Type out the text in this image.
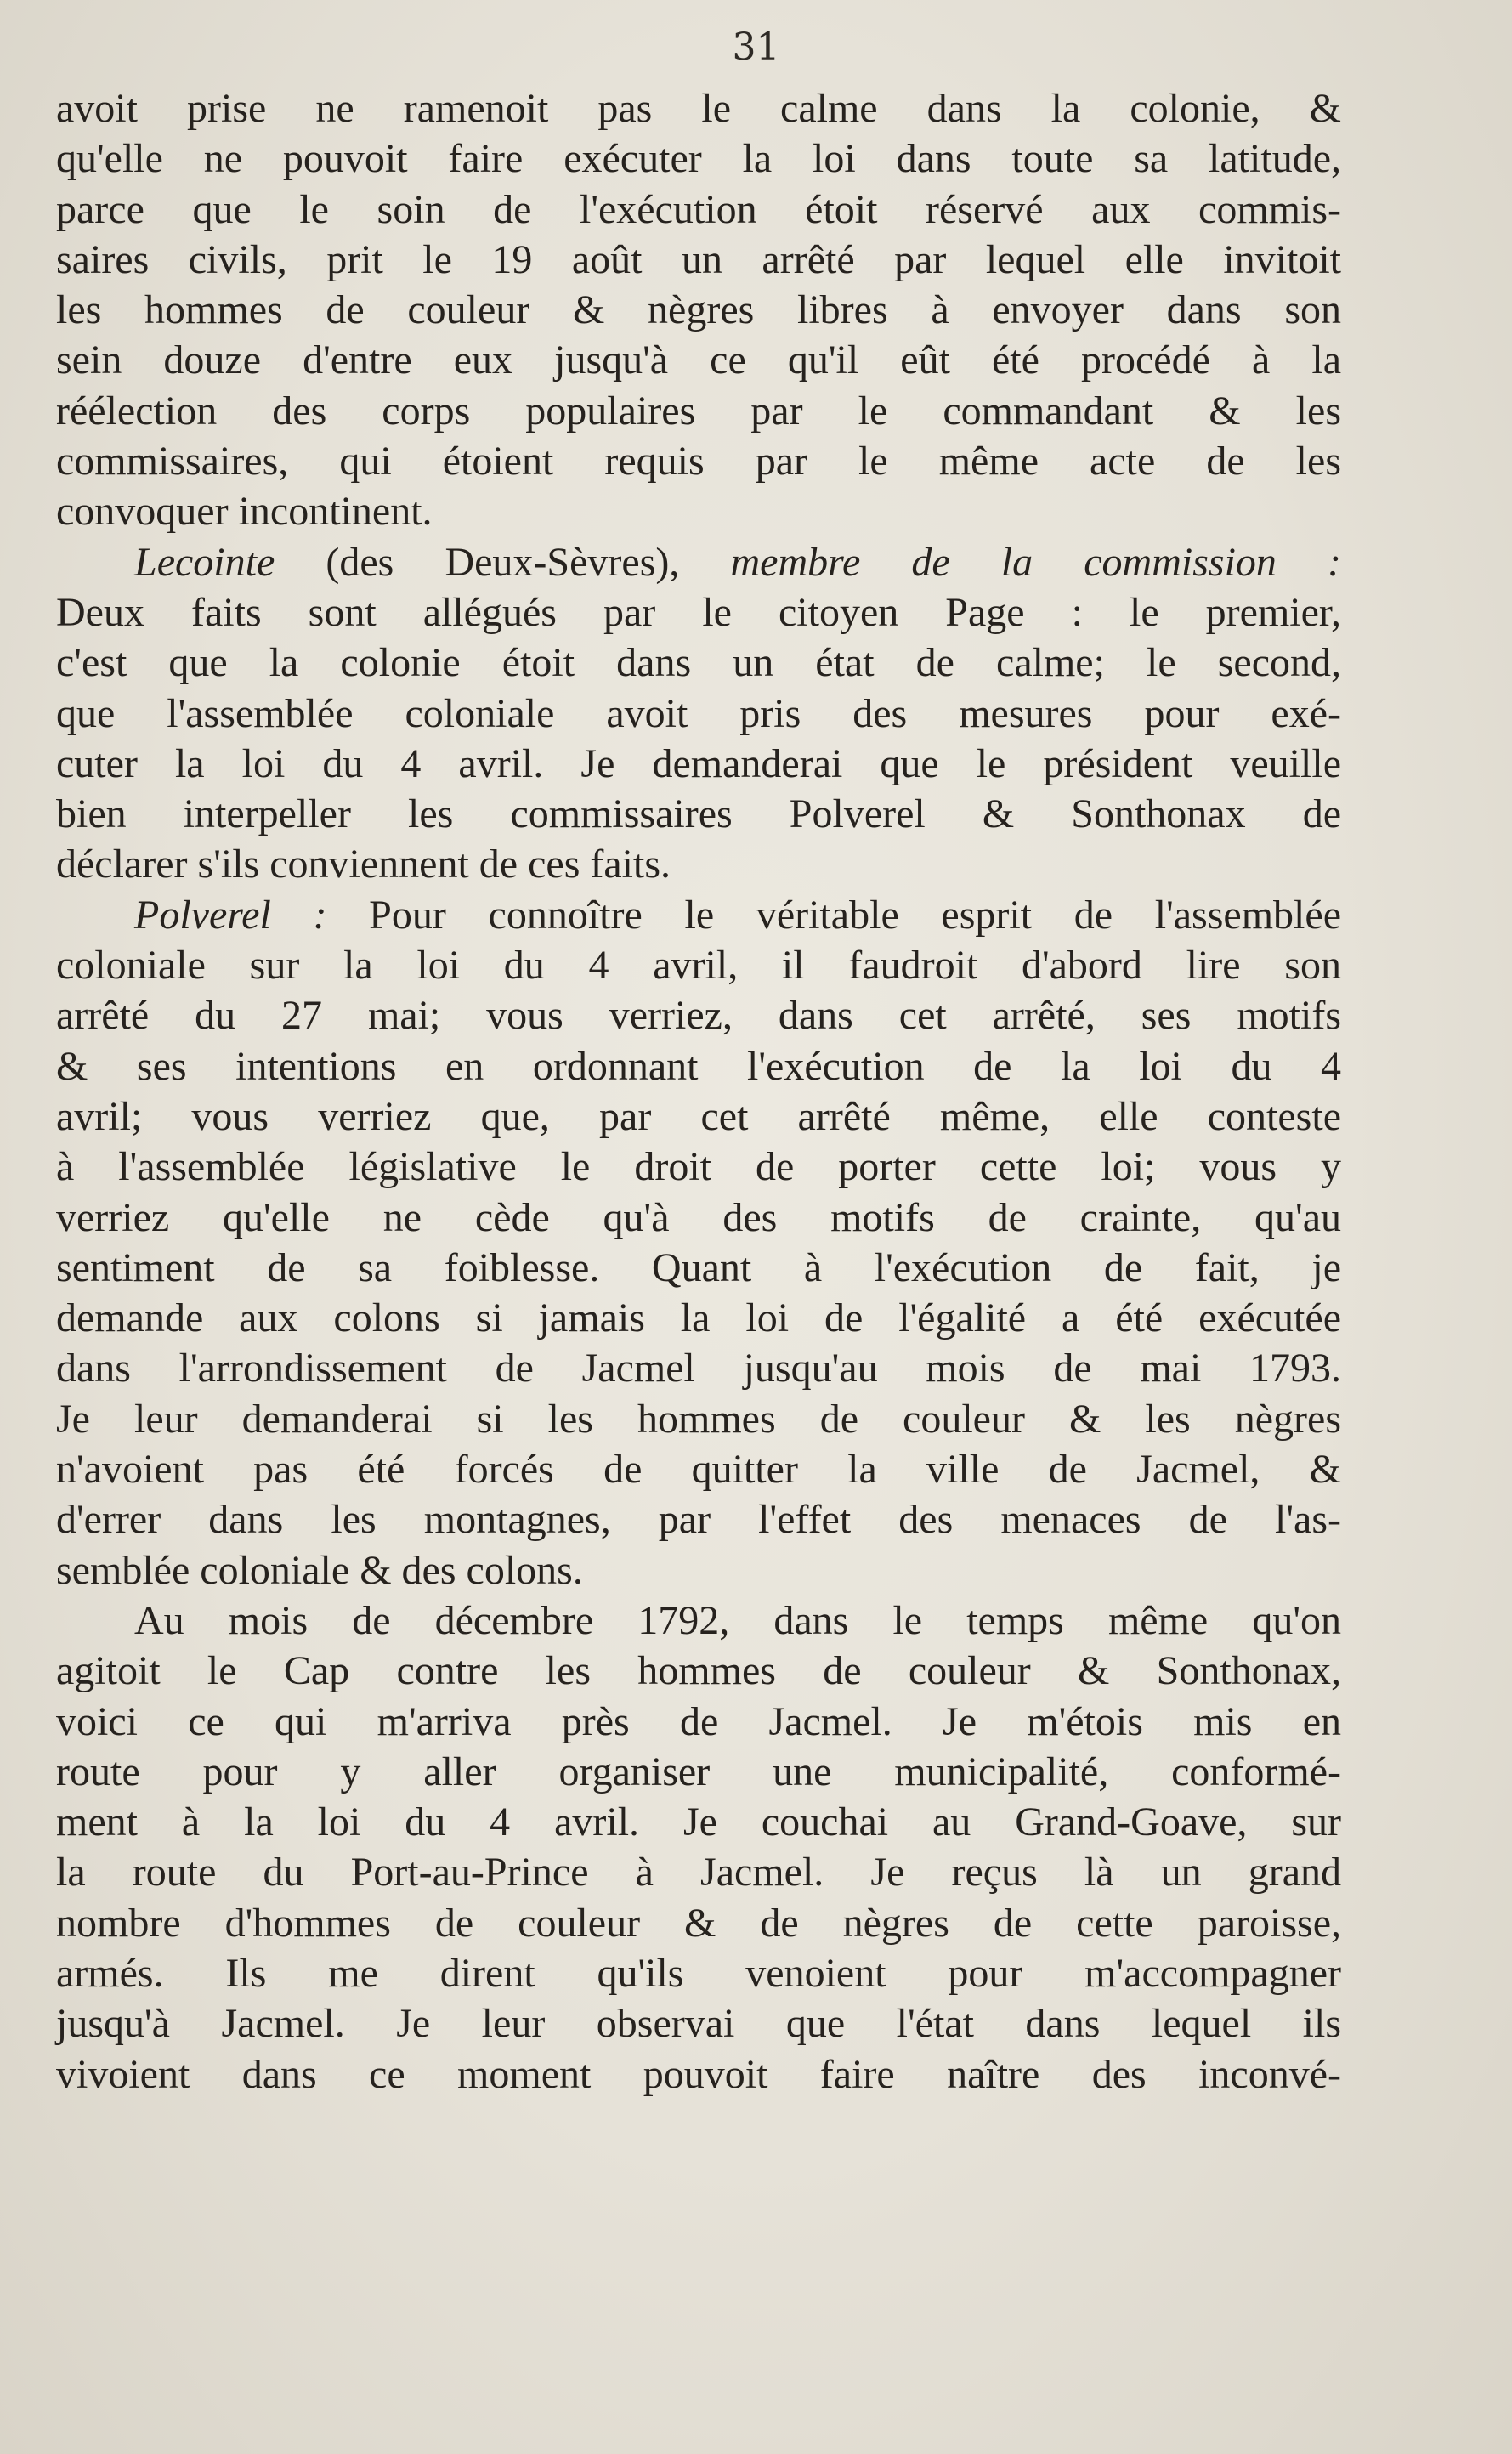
31
avoit prise ne ramenoit pas le calme dans la colonie, &
qu'elle ne pouvoit faire exécuter la loi dans toute sa latitude,
parce que le soin de l'exécution étoit réservé aux commis-
saires civils, prit le 19 août un arrêté par lequel elle invitoit
les hommes de couleur & nègres libres à envoyer dans son
sein douze d'entre eux jusqu'à ce qu'il eût été procédé à la
réélection des corps populaires par le commandant & les
commissaires, qui étoient requis par le même acte de les
convoquer incontinent.
Lecointe (des Deux-Sèvres), membre de la commission :
Deux faits sont allégués par le citoyen Page : le premier,
c'est que la colonie étoit dans un état de calme; le second,
que l'assemblée coloniale avoit pris des mesures pour exé-
cuter la loi du 4 avril. Je demanderai que le président veuille
bien interpeller les commissaires Polverel & Sonthonax de
déclarer s'ils conviennent de ces faits.
Polverel : Pour connoître le véritable esprit de l'assemblée
coloniale sur la loi du 4 avril, il faudroit d'abord lire son
arrêté du 27 mai; vous verriez, dans cet arrêté, ses motifs
& ses intentions en ordonnant l'exécution de la loi du 4
avril; vous verriez que, par cet arrêté même, elle conteste
à l'assemblée législative le droit de porter cette loi; vous y
verriez qu'elle ne cède qu'à des motifs de crainte, qu'au
sentiment de sa foiblesse. Quant à l'exécution de fait, je
demande aux colons si jamais la loi de l'égalité a été exécutée
dans l'arrondissement de Jacmel jusqu'au mois de mai 1793.
Je leur demanderai si les hommes de couleur & les nègres
n'avoient pas été forcés de quitter la ville de Jacmel, &
d'errer dans les montagnes, par l'effet des menaces de l'as-
semblée coloniale & des colons.
Au mois de décembre 1792, dans le temps même qu'on
agitoit le Cap contre les hommes de couleur & Sonthonax,
voici ce qui m'arriva près de Jacmel. Je m'étois mis en
route pour y aller organiser une municipalité, conformé-
ment à la loi du 4 avril. Je couchai au Grand-Goave, sur
la route du Port-au-Prince à Jacmel. Je reçus là un grand
nombre d'hommes de couleur & de nègres de cette paroisse,
armés. Ils me dirent qu'ils venoient pour m'accompagner
jusqu'à Jacmel. Je leur observai que l'état dans lequel ils
vivoient dans ce moment pouvoit faire naître des inconvé-
